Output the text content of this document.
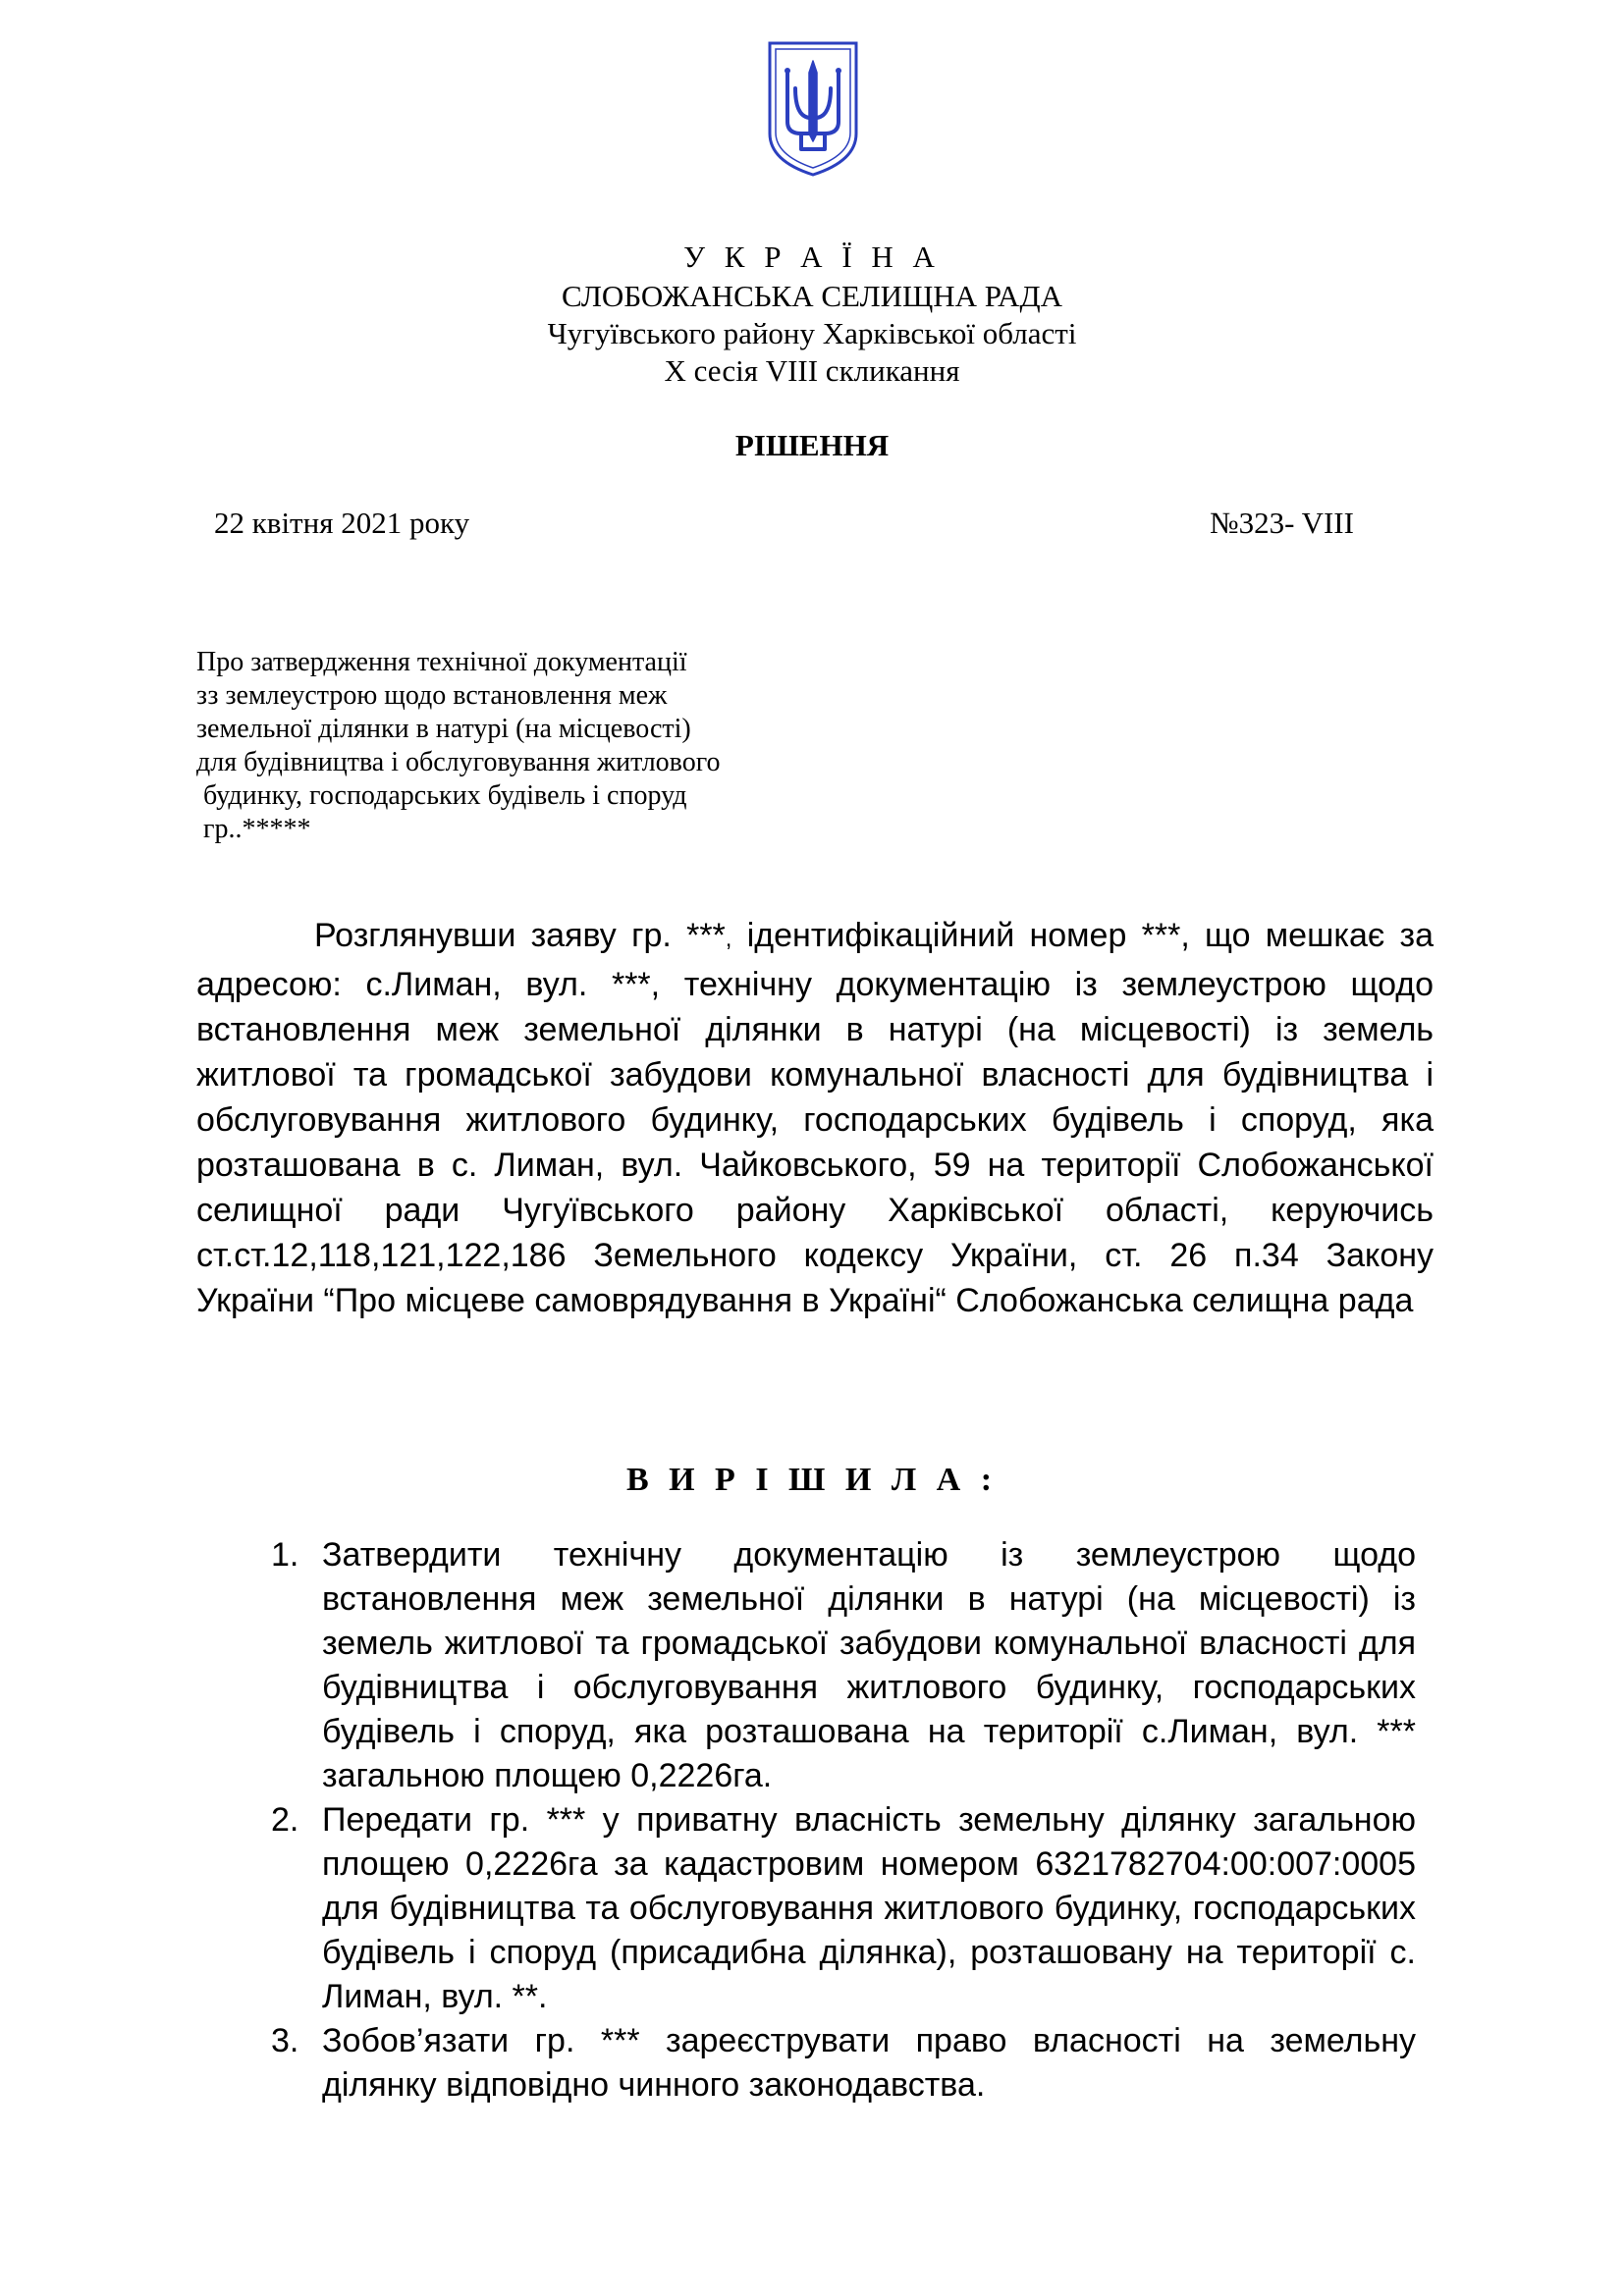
У К Р А Ї Н А
СЛОБОЖАНСЬКА СЕЛИЩНА РАДА
Чугуївського району Харківської області
Х сесія VIII скликання
РІШЕННЯ
22 квітня 2021 року	№323- VIII
Про затвердження технічної документації
зз землеустрою щодо встановлення меж
земельної ділянки в натурі (на місцевості)
для будівництва і обслуговування житлового
будинку, господарських будівель і споруд
гр..*****
Розглянувши заяву гр. ***, ідентифікаційний номер ***, що мешкає за адресою: с.Лиман, вул. ***, технічну документацію із землеустрою щодо встановлення меж земельної ділянки в натурі (на місцевості) із земель житлової та громадської забудови комунальної власності для будівництва і обслуговування житлового будинку, господарських будівель і споруд, яка розташована в с. Лиман, вул. Чайковського, 59 на території Слобожанської селищної ради Чугуївського району Харківської області, керуючись ст.ст.12,118,121,122,186 Земельного кодексу України, ст. 26 п.34 Закону України “Про місцеве самоврядування в Україні“ Слобожанська селищна рада
В И Р І Ш И Л А :
1. Затвердити технічну документацію із землеустрою щодо встановлення меж земельної ділянки в натурі (на місцевості) із земель житлової та громадської забудови комунальної власності для будівництва і обслуговування житлового будинку, господарських будівель і споруд, яка розташована на території с.Лиман, вул. *** загальною площею 0,2226га.
2. Передати гр. *** у приватну власність земельну ділянку загальною площею 0,2226га за кадастровим номером 6321782704:00:007:0005 для будівництва та обслуговування житлового будинку, господарських будівель і споруд (присадибна ділянка), розташовану на території с. Лиман, вул. **.
3. Зобов’язати гр. *** зареєструвати право власності на земельну ділянку відповідно чинного законодавства.
